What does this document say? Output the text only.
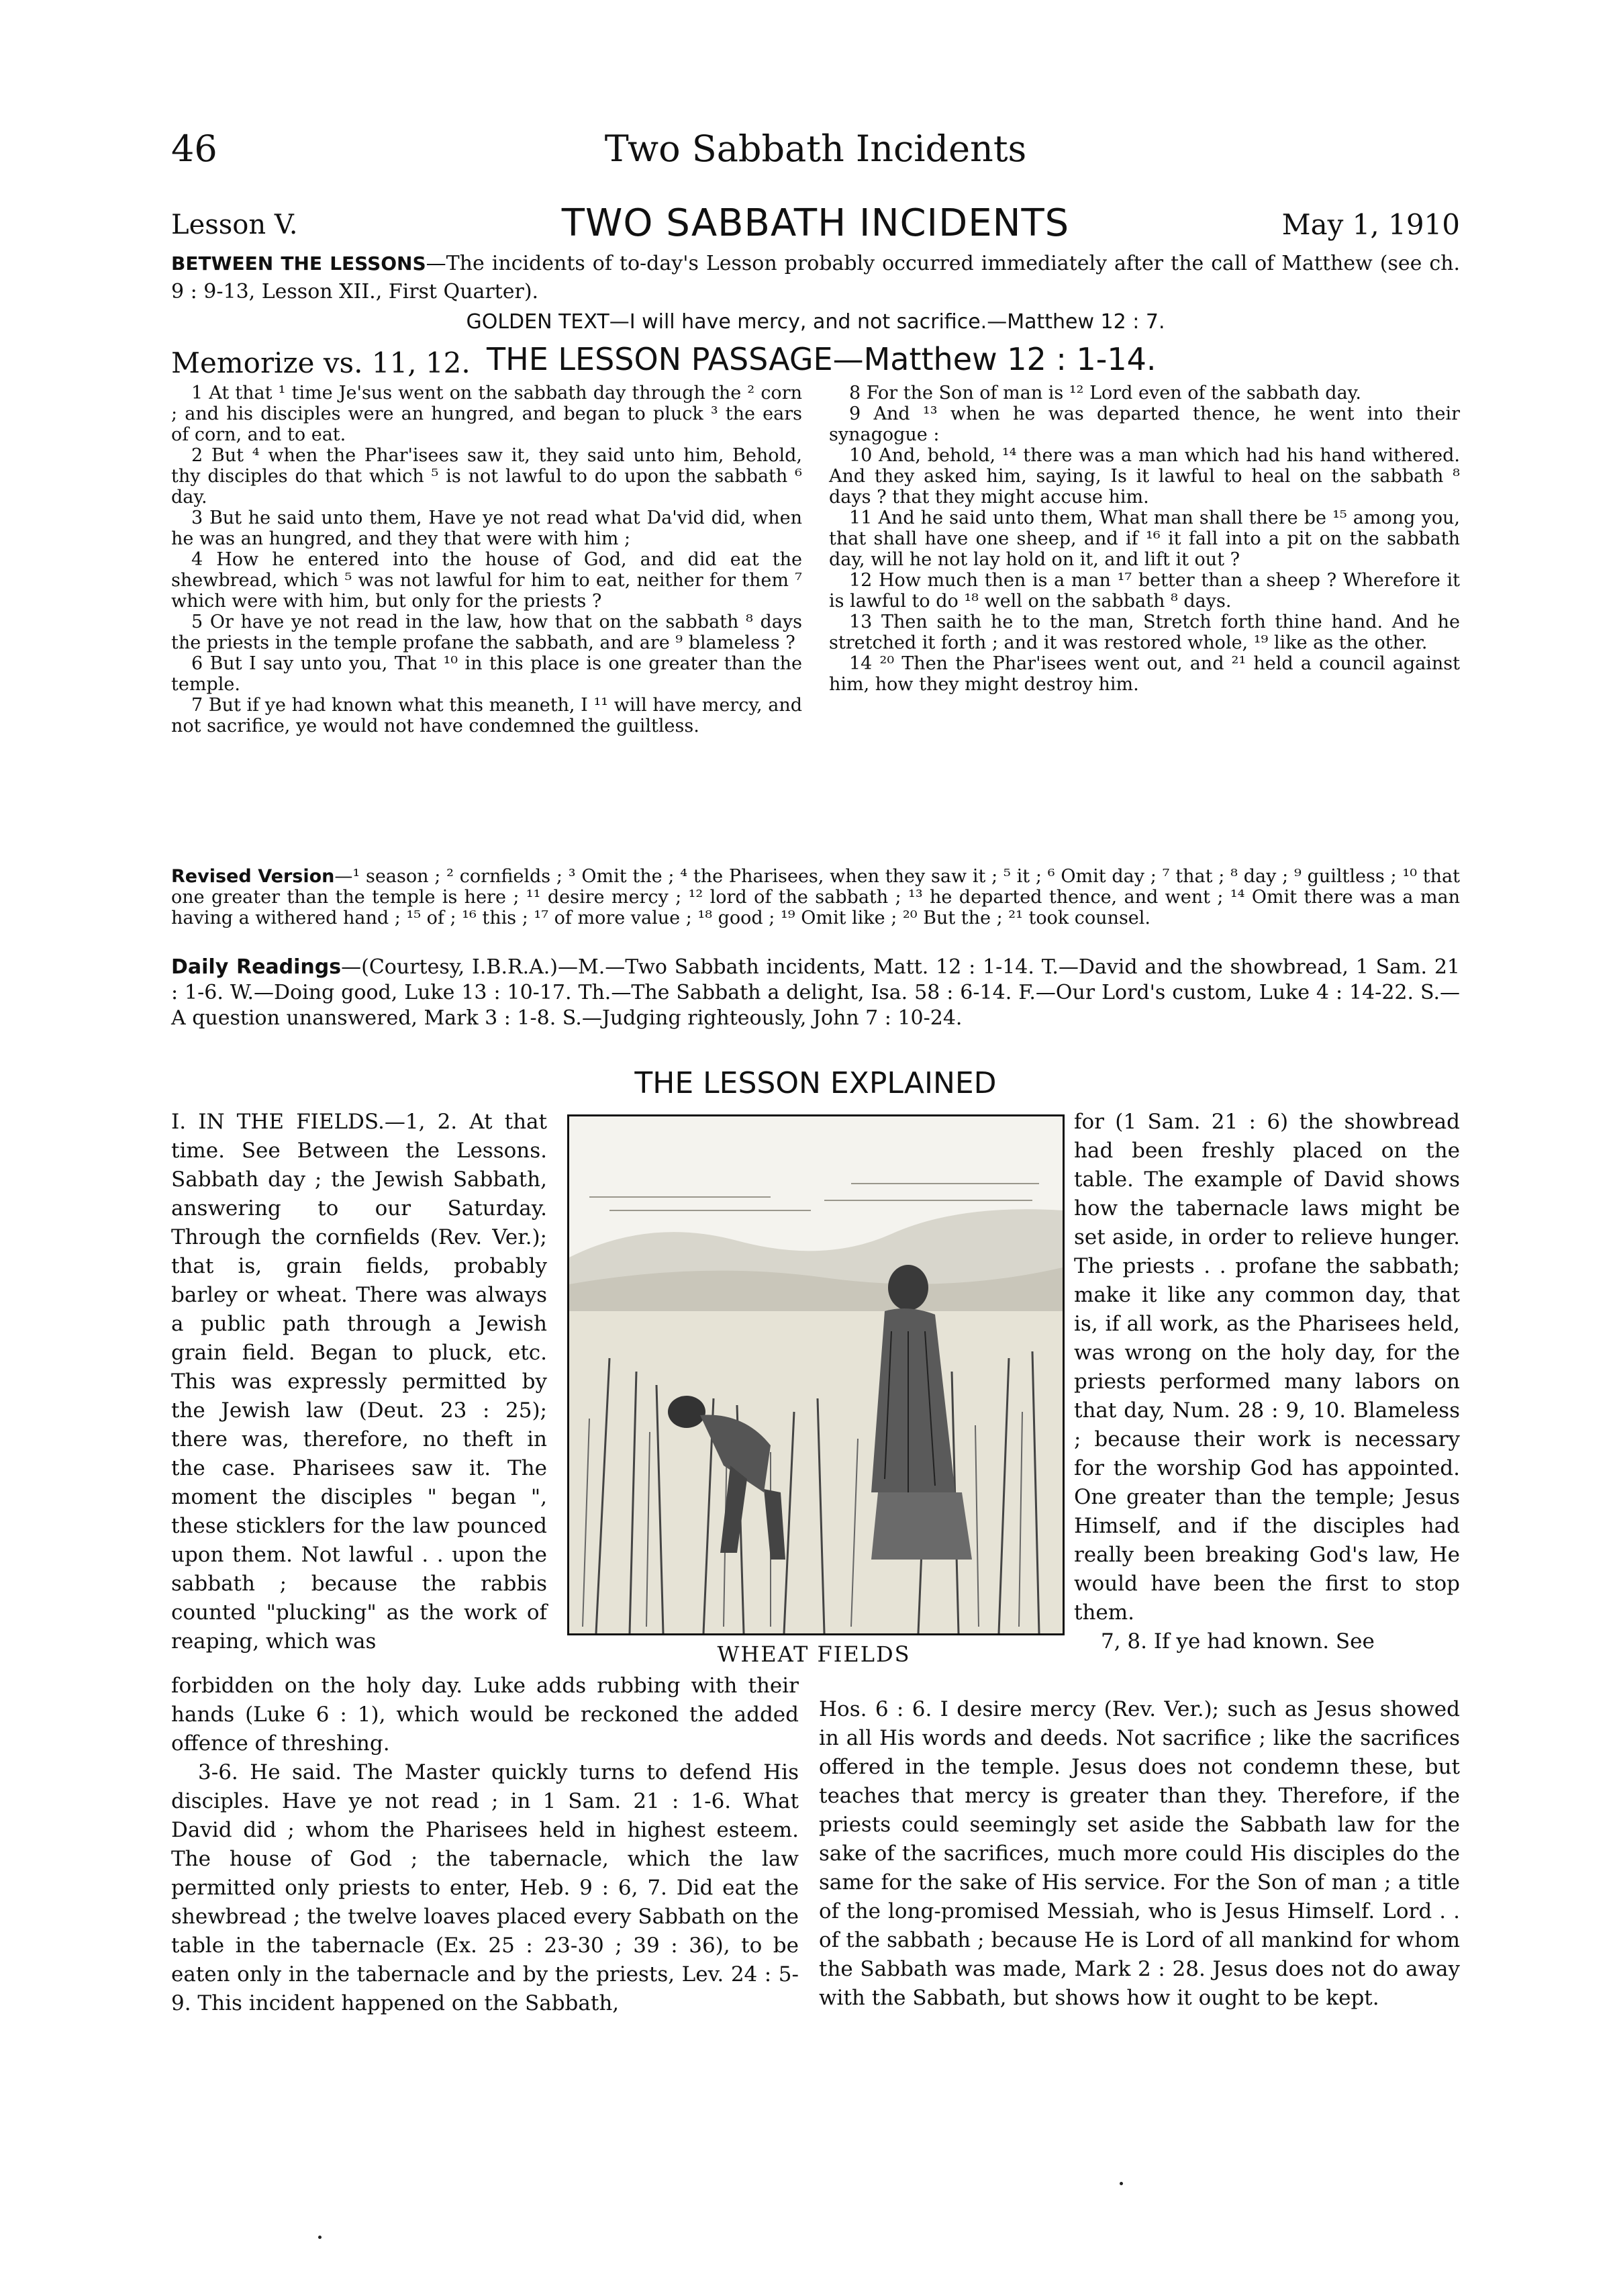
46	Two Sabbath Incidents
Lesson V.	TWO SABBATH INCIDENTS	May 1, 1910
BETWEEN THE LESSONS—The incidents of to-day's Lesson probably occurred immediately after the call of Matthew (see ch. 9 : 9-13, Lesson XII., First Quarter).
GOLDEN TEXT—I will have mercy, and not sacrifice.—Matthew 12 : 7.
Memorize vs. 11, 12. THE LESSON PASSAGE—Matthew 12 : 1-14.

1 At that ¹ time Je'sus went on the sabbath day through the ² corn ; and his disciples were an hungred, and began to pluck ³ the ears of corn, and to eat.

2 But ⁴ when the Phar'isees saw it, they said unto him, Behold, thy disciples do that which ⁵ is not lawful to do upon the sabbath ⁶ day.

3 But he said unto them, Have ye not read what Da'vid did, when he was an hungred, and they that were with him ;

4 How he entered into the house of God, and did eat the shewbread, which ⁵ was not lawful for him to eat, neither for them ⁷ which were with him, but only for the priests ?

5 Or have ye not read in the law, how that on the sabbath ⁸ days the priests in the temple profane the sabbath, and are ⁹ blameless ?

6 But I say unto you, That ¹⁰ in this place is one greater than the temple.

7 But if ye had known what this meaneth, I ¹¹ will have mercy, and not sacrifice, ye would not have condemned the guiltless.

8 For the Son of man is ¹² Lord even of the sabbath day.

9 And ¹³ when he was departed thence, he went into their synagogue :

10 And, behold, ¹⁴ there was a man which had his hand withered. And they asked him, saying, Is it lawful to heal on the sabbath ⁸ days ? that they might accuse him.

11 And he said unto them, What man shall there be ¹⁵ among you, that shall have one sheep, and if ¹⁶ it fall into a pit on the sabbath day, will he not lay hold on it, and lift it out ?

12 How much then is a man ¹⁷ better than a sheep ? Wherefore it is lawful to do ¹⁸ well on the sabbath ⁸ days.

13 Then saith he to the man, Stretch forth thine hand. And he stretched it forth ; and it was restored whole, ¹⁹ like as the other.

14 ²⁰ Then the Phar'isees went out, and ²¹ held a council against him, how they might destroy him.

Revised Version—¹ season ; ² cornfields ; ³ Omit the ; ⁴ the Pharisees, when they saw it ; ⁵ it ; ⁶ Omit day ; ⁷ that ; ⁸ day ; ⁹ guiltless ; ¹⁰ that one greater than the temple is here ; ¹¹ desire mercy ; ¹² lord of the sabbath ; ¹³ he departed thence, and went ; ¹⁴ Omit there was a man having a withered hand ; ¹⁵ of ; ¹⁶ this ; ¹⁷ of more value ; ¹⁸ good ; ¹⁹ Omit like ; ²⁰ But the ; ²¹ took counsel.
Daily Readings—(Courtesy, I.B.R.A.)—M.—Two Sabbath incidents, Matt. 12 : 1-14. T.—David and the showbread, 1 Sam. 21 : 1-6. W.—Doing good, Luke 13 : 10-17. Th.—The Sabbath a delight, Isa. 58 : 6-14. F.—Our Lord's custom, Luke 4 : 14-22. S.—A question unanswered, Mark 3 : 1-8. S.—Judging righteously, John 7 : 10-24.
THE LESSON EXPLAINED

I. IN THE FIELDS.—1, 2. At that time. See Between the Lessons. Sabbath day ; the Jewish Sabbath, answering to our Saturday. Through the cornfields (Rev. Ver.); that is, grain fields, probably barley or wheat. There was always a public path through a Jewish grain field. Began to pluck, etc. This was expressly permitted by the Jewish law (Deut. 23 : 25); there was, therefore, no theft in the case. Pharisees saw it. The moment the disciples " began ", these sticklers for the law pounced upon them. Not lawful . . upon the sabbath ; because the rabbis counted "plucking" as the work of reaping, which was	WHEAT FIELDS

for (1 Sam. 21 : 6) the showbread had been freshly placed on the table. The example of David shows how the tabernacle laws might be set aside, in order to relieve hunger. The priests . . profane the sabbath; make it like any common day, that is, if all work, as the Pharisees held, was wrong on the holy day, for the priests performed many labors on that day, Num. 28 : 9, 10. Blameless ; because their work is necessary for the worship God has appointed. One greater than the temple; Jesus Himself, and if the disciples had really been breaking God's law, He would have been the first to stop them.

7, 8. If ye had known. See

forbidden on the holy day. Luke adds rubbing with their hands (Luke 6 : 1), which would be reckoned the added offence of threshing.

3-6. He said. The Master quickly turns to defend His disciples. Have ye not read ; in 1 Sam. 21 : 1-6. What David did ; whom the Pharisees held in highest esteem. The house of God ; the tabernacle, which the law permitted only priests to enter, Heb. 9 : 6, 7. Did eat the shewbread ; the twelve loaves placed every Sabbath on the table in the tabernacle (Ex. 25 : 23-30 ; 39 : 36), to be eaten only in the tabernacle and by the priests, Lev. 24 : 5-9. This incident happened on the Sabbath,

Hos. 6 : 6. I desire mercy (Rev. Ver.); such as Jesus showed in all His words and deeds. Not sacrifice ; like the sacrifices offered in the temple. Jesus does not condemn these, but teaches that mercy is greater than they. Therefore, if the priests could seemingly set aside the Sabbath law for the sake of the sacrifices, much more could His disciples do the same for the sake of His service. For the Son of man ; a title of the long-promised Messiah, who is Jesus Himself. Lord . . of the sabbath ; because He is Lord of all mankind for whom the Sabbath was made, Mark 2 : 28. Jesus does not do away with the Sabbath, but shows how it ought to be kept.
